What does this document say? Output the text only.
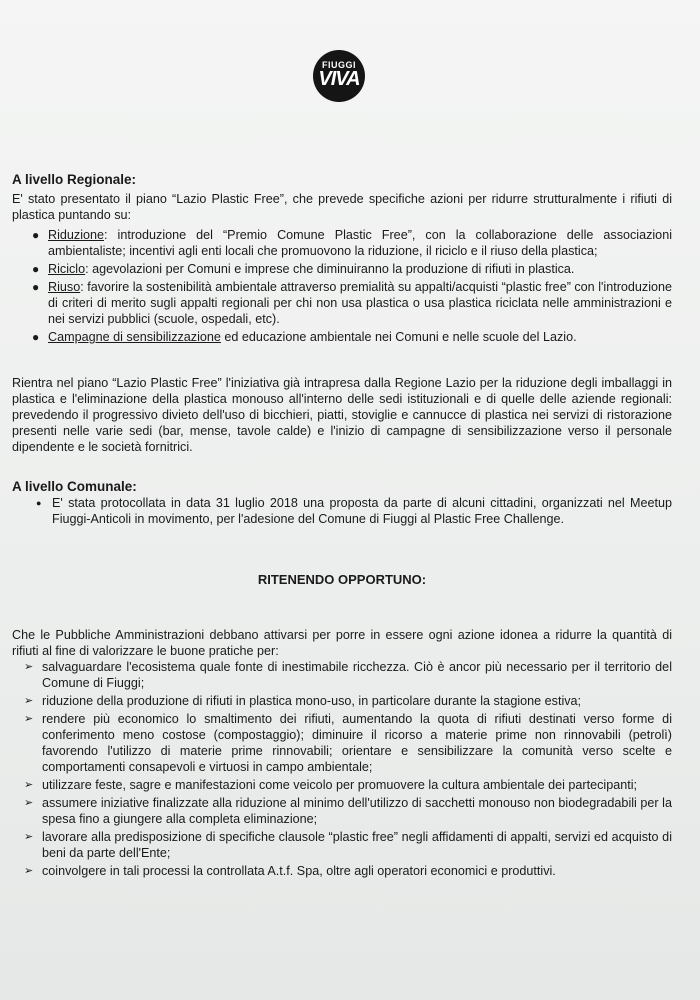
FIUGGI
VIVA
A livello Regionale:
E' stato presentato il piano “Lazio Plastic Free”, che prevede specifiche azioni per ridurre strutturalmente i rifiuti di plastica puntando su:
● Riduzione: introduzione del “Premio Comune Plastic Free”, con la collaborazione delle associazioni ambientaliste; incentivi agli enti locali che promuovono la riduzione, il riciclo e il riuso della plastica;
● Riciclo: agevolazioni per Comuni e imprese che diminuiranno la produzione di rifiuti in plastica.
● Riuso: favorire la sostenibilità ambientale attraverso premialità su appalti/acquisti “plastic free” con l'introduzione di criteri di merito sugli appalti regionali per chi non usa plastica o usa plastica riciclata nelle amministrazioni e nei servizi pubblici (scuole, ospedali, etc).
● Campagne di sensibilizzazione ed educazione ambientale nei Comuni e nelle scuole del Lazio.
Rientra nel piano “Lazio Plastic Free” l'iniziativa già intrapresa dalla Regione Lazio per la riduzione degli imballaggi in plastica e l'eliminazione della plastica monouso all'interno delle sedi istituzionali e di quelle delle aziende regionali: prevedendo il progressivo divieto dell'uso di bicchieri, piatti, stoviglie e cannucce di plastica nei servizi di ristorazione presenti nelle varie sedi (bar, mense, tavole calde) e l'inizio di campagne di sensibilizzazione verso il personale dipendente e le società fornitrici.
A livello Comunale:
● E' stata protocollata in data 31 luglio 2018 una proposta da parte di alcuni cittadini, organizzati nel Meetup Fiuggi-Anticoli in movimento, per l'adesione del Comune di Fiuggi al Plastic Free Challenge.
RITENENDO OPPORTUNO:
Che le Pubbliche Amministrazioni debbano attivarsi per porre in essere ogni azione idonea a ridurre la quantità di rifiuti al fine di valorizzare le buone pratiche per:
➢ salvaguardare l'ecosistema quale fonte di inestimabile ricchezza. Ciò è ancor più necessario per il territorio del Comune di Fiuggi;
➢ riduzione della produzione di rifiuti in plastica mono-uso, in particolare durante la stagione estiva;
➢ rendere più economico lo smaltimento dei rifiuti, aumentando la quota di rifiuti destinati verso forme di conferimento meno costose (compostaggio); diminuire il ricorso a materie prime non rinnovabili (petrolì) favorendo l'utilizzo di materie prime rinnovabili; orientare e sensibilizzare la comunità verso scelte e comportamenti consapevoli e virtuosi in campo ambientale;
➢ utilizzare feste, sagre e manifestazioni come veicolo per promuovere la cultura ambientale dei partecipanti;
➢ assumere iniziative finalizzate alla riduzione al minimo dell'utilizzo di sacchetti monouso non biodegradabili per la spesa fino a giungere alla completa eliminazione;
➢ lavorare alla predisposizione di specifiche clausole “plastic free” negli affidamenti di appalti, servizi ed acquisto di beni da parte dell'Ente;
➢ coinvolgere in tali processi la controllata A.t.f. Spa, oltre agli operatori economici e produttivi.
